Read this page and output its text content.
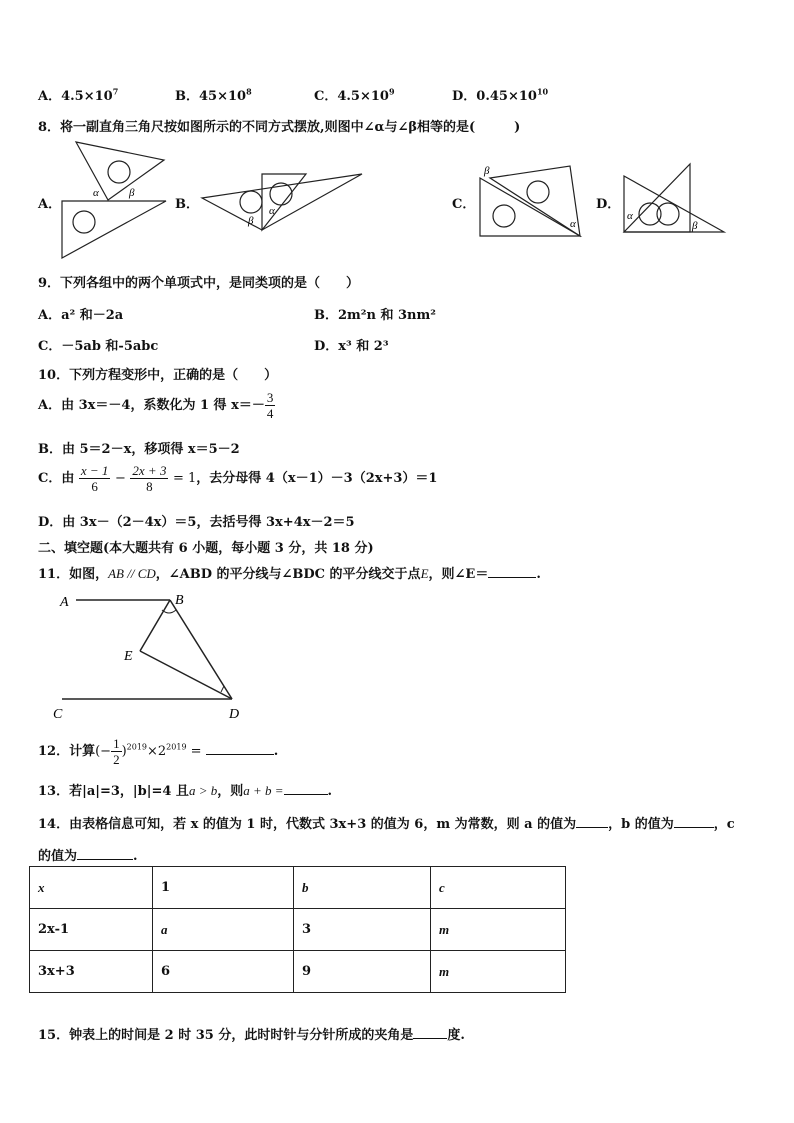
A．$4.5\times 10^7$	B．$45\times 10^8$	C．$4.5\times 10^9$	D．$0.45\times 10^{10}$
8．将一副直角三角尺按如图所示的不同方式摆放,则图中∠α与∠β相等的是(　　　)
A．	B．	C．	D．
α	β
β
α
β
α
α
β
9．下列各组中的两个单项式中，是同类项的是（　　）
A．a² 和－2a	B．2m²n 和 3nm²
C．－5ab 和-5abc	D．x³ 和 2³
10．下列方程变形中，正确的是（　　）
A．由 3x＝－4，系数化为 1 得 $x=- \frac{3}{4}$
B．由 5＝2－x，移项得 x＝5－2
C．由 $\frac{x - 1}{6} - \frac{2x + 3}{8} = 1$，去分母得 4（x－1）－3（2x+3）＝1
D．由 3x－（2－4x）＝5，去括号得 3x+4x－2＝5
二、填空题(本大题共有 6 小题，每小题 3 分，共 18 分)
11．如图，AB // CD，∠ABD 的平分线与∠BDC 的平分线交于点E，则∠E＝	.
A	B
E
C	D
12．计算(− $\frac{1}{2} )^{2019}\times 2^{2019}$ =	.
13．若|a|=3，|b|=4 且a > b，则a + b =	.
14．由表格信息可知，若 x 的值为 1 时，代数式 3x+3 的值为 6，m 为常数，则 a 的值为 ，b 的值为	，c
的值为	.
x	1	b	c
2x-1	a	3	m
3x+3	6	9	m
15．钟表上的时间是 2 时 35 分，此时时针与分针所成的夹角是	度.
